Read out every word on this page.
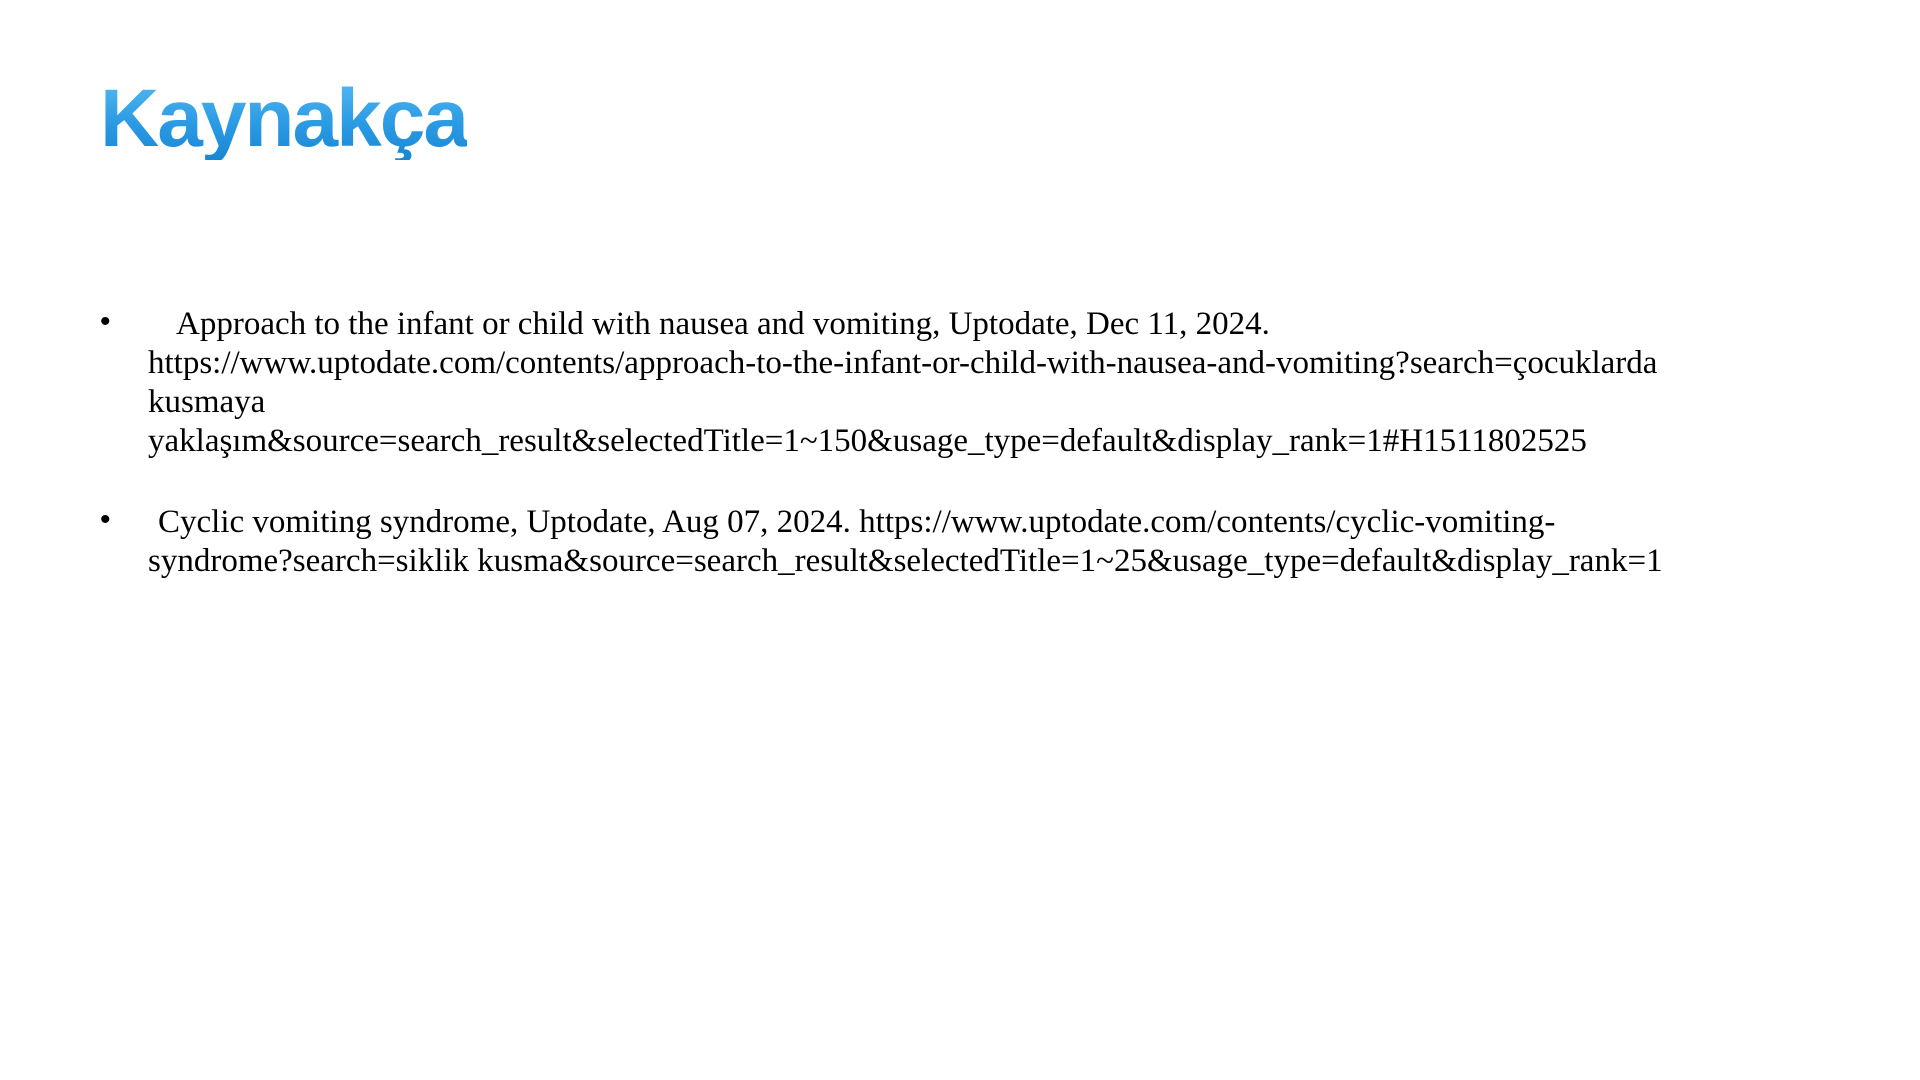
Kaynakça
•	Approach to the infant or child with nausea and vomiting, Uptodate, Dec 11, 2024.
https://www.uptodate.com/contents/approach-to-the-infant-or-child-with-nausea-and-vomiting?search=çocuklarda
kusmaya
yaklaşım&source=search_result&selectedTitle=1~150&usage_type=default&display_rank=1#H1511802525
•	Cyclic vomiting syndrome, Uptodate, Aug 07, 2024. https://www.uptodate.com/contents/cyclic-vomiting-
syndrome?search=siklik kusma&source=search_result&selectedTitle=1~25&usage_type=default&display_rank=1
